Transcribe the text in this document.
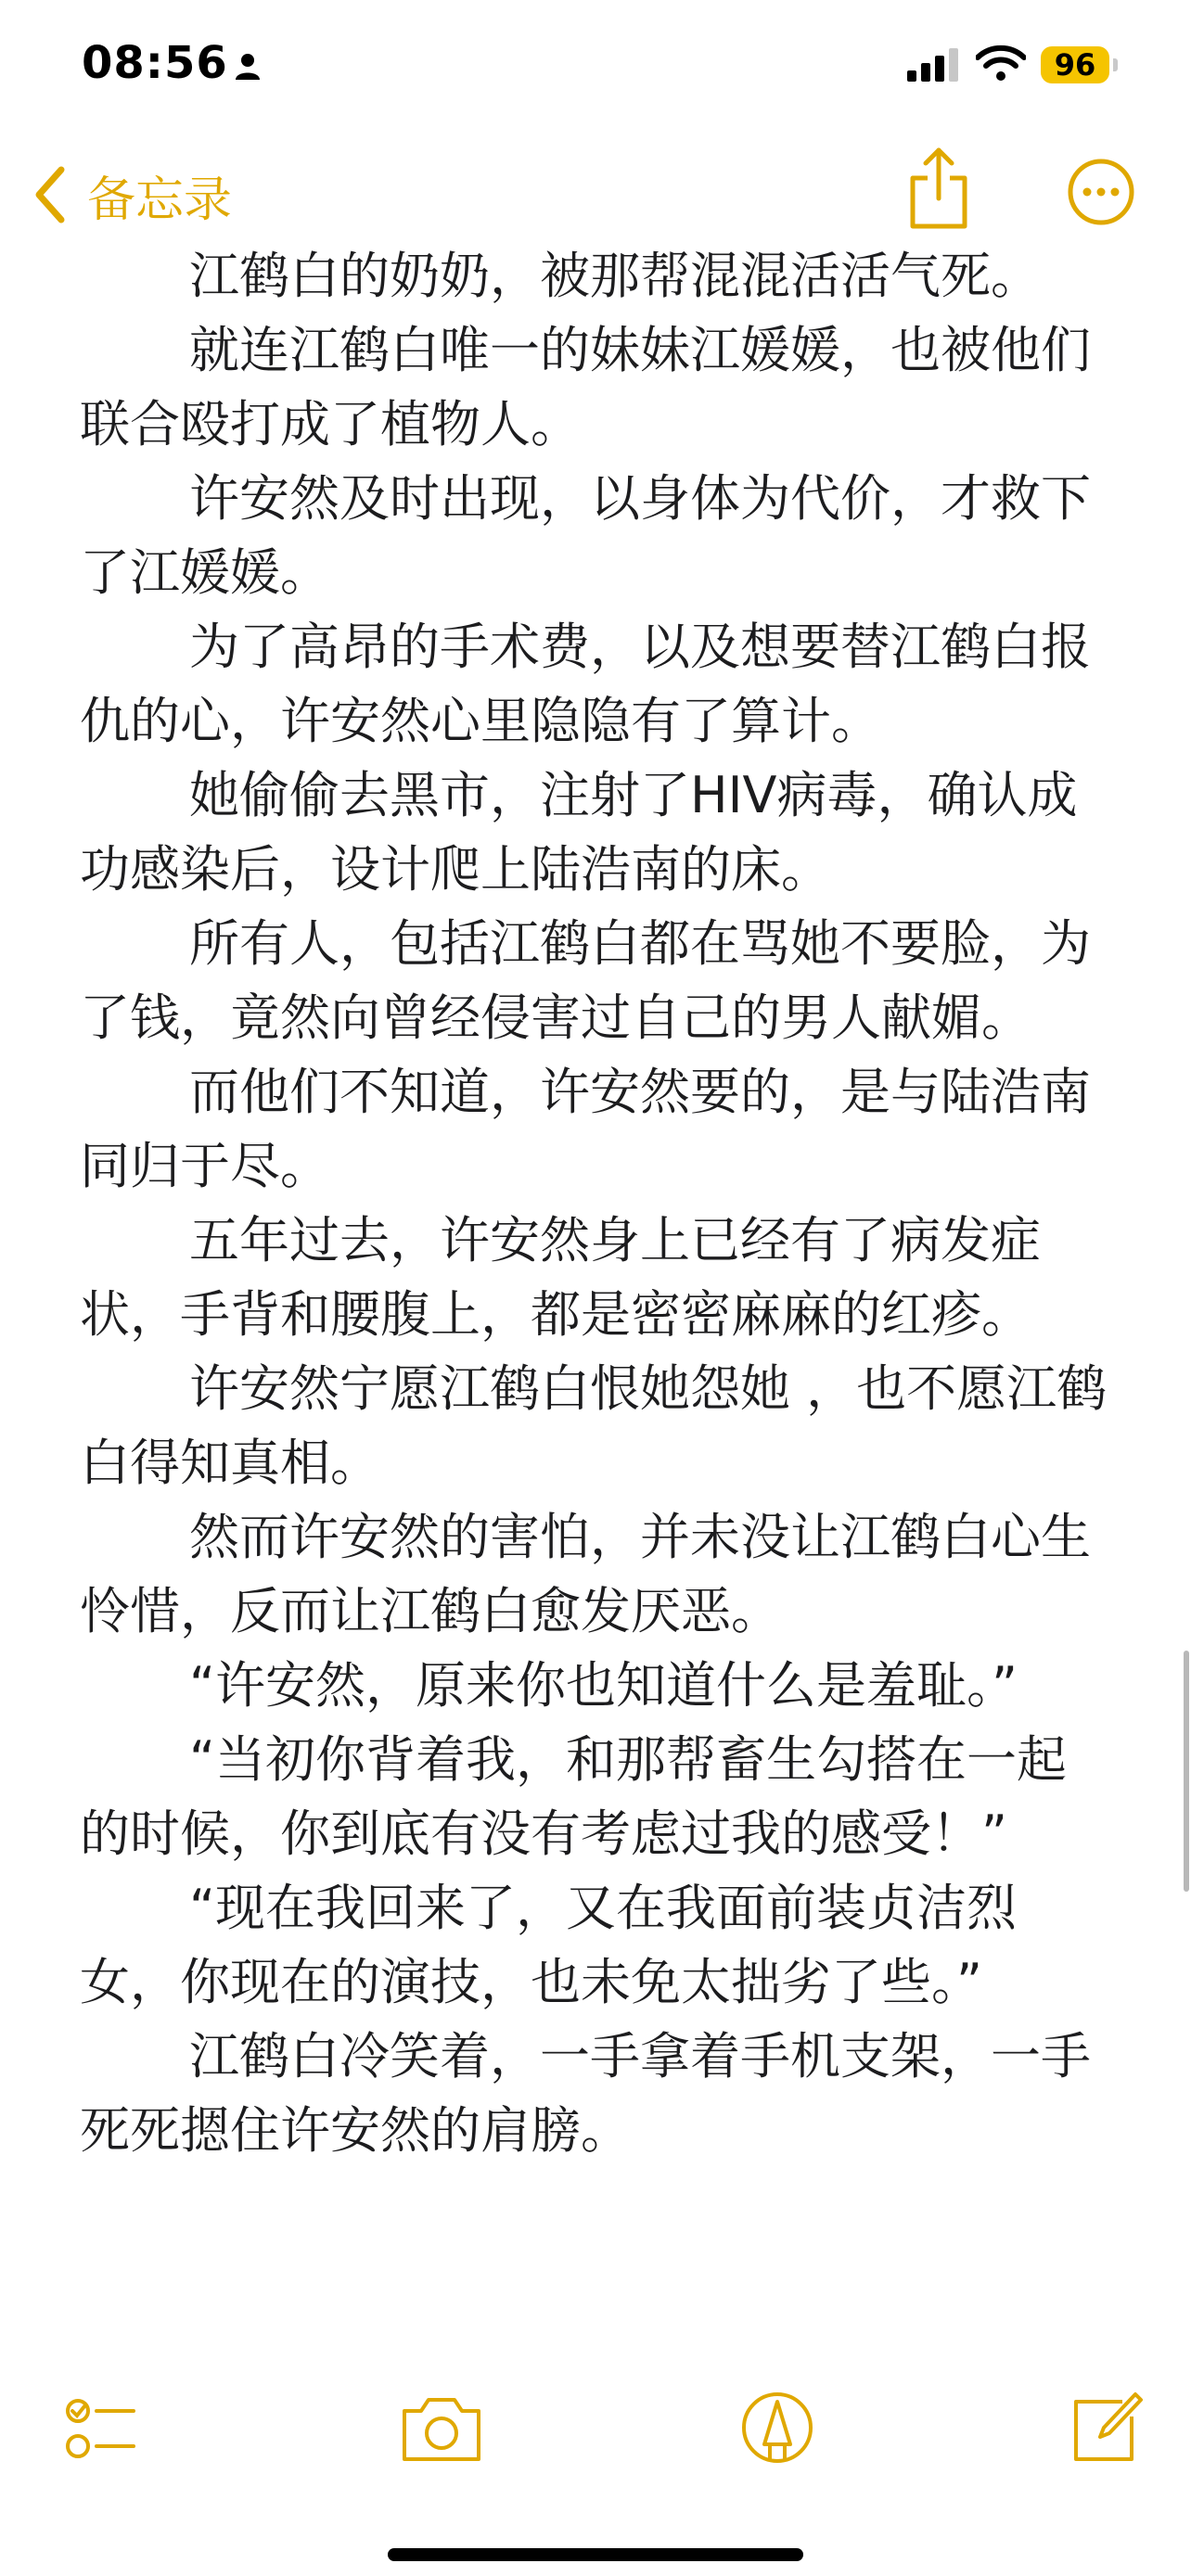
江鹤白的奶奶，被那帮混混活活气死。

就连江鹤白唯一的妹妹江媛媛，也被他们联合殴打成了植物人。

许安然及时出现，以身体为代价，才救下了江媛媛。

为了高昂的手术费，以及想要替江鹤白报仇的心，许安然心里隐隐有了算计。

她偷偷去黑市，注射了HIV病毒，确认成功感染后，设计爬上陆浩南的床。

所有人，包括江鹤白都在骂她不要脸，为了钱，竟然向曾经侵害过自己的男人献媚。

而他们不知道，许安然要的，是与陆浩南同归于尽。

五年过去，许安然身上已经有了病发症状，手背和腰腹上，都是密密麻麻的红疹。

许安然宁愿江鹤白恨她怨她 ，也不愿江鹤白得知真相。

然而许安然的害怕，并未没让江鹤白心生怜惜，反而让江鹤白愈发厌恶。

“许安然，原来你也知道什么是羞耻。”

“当初你背着我，和那帮畜生勾搭在一起的时候，你到底有没有考虑过我的感受！”

“现在我回来了，又在我面前装贞洁烈女，你现在的演技，也未免太拙劣了些。”

江鹤白冷笑着，一手拿着手机支架，一手死死摁住许安然的肩膀。

08:56	96
备忘录
